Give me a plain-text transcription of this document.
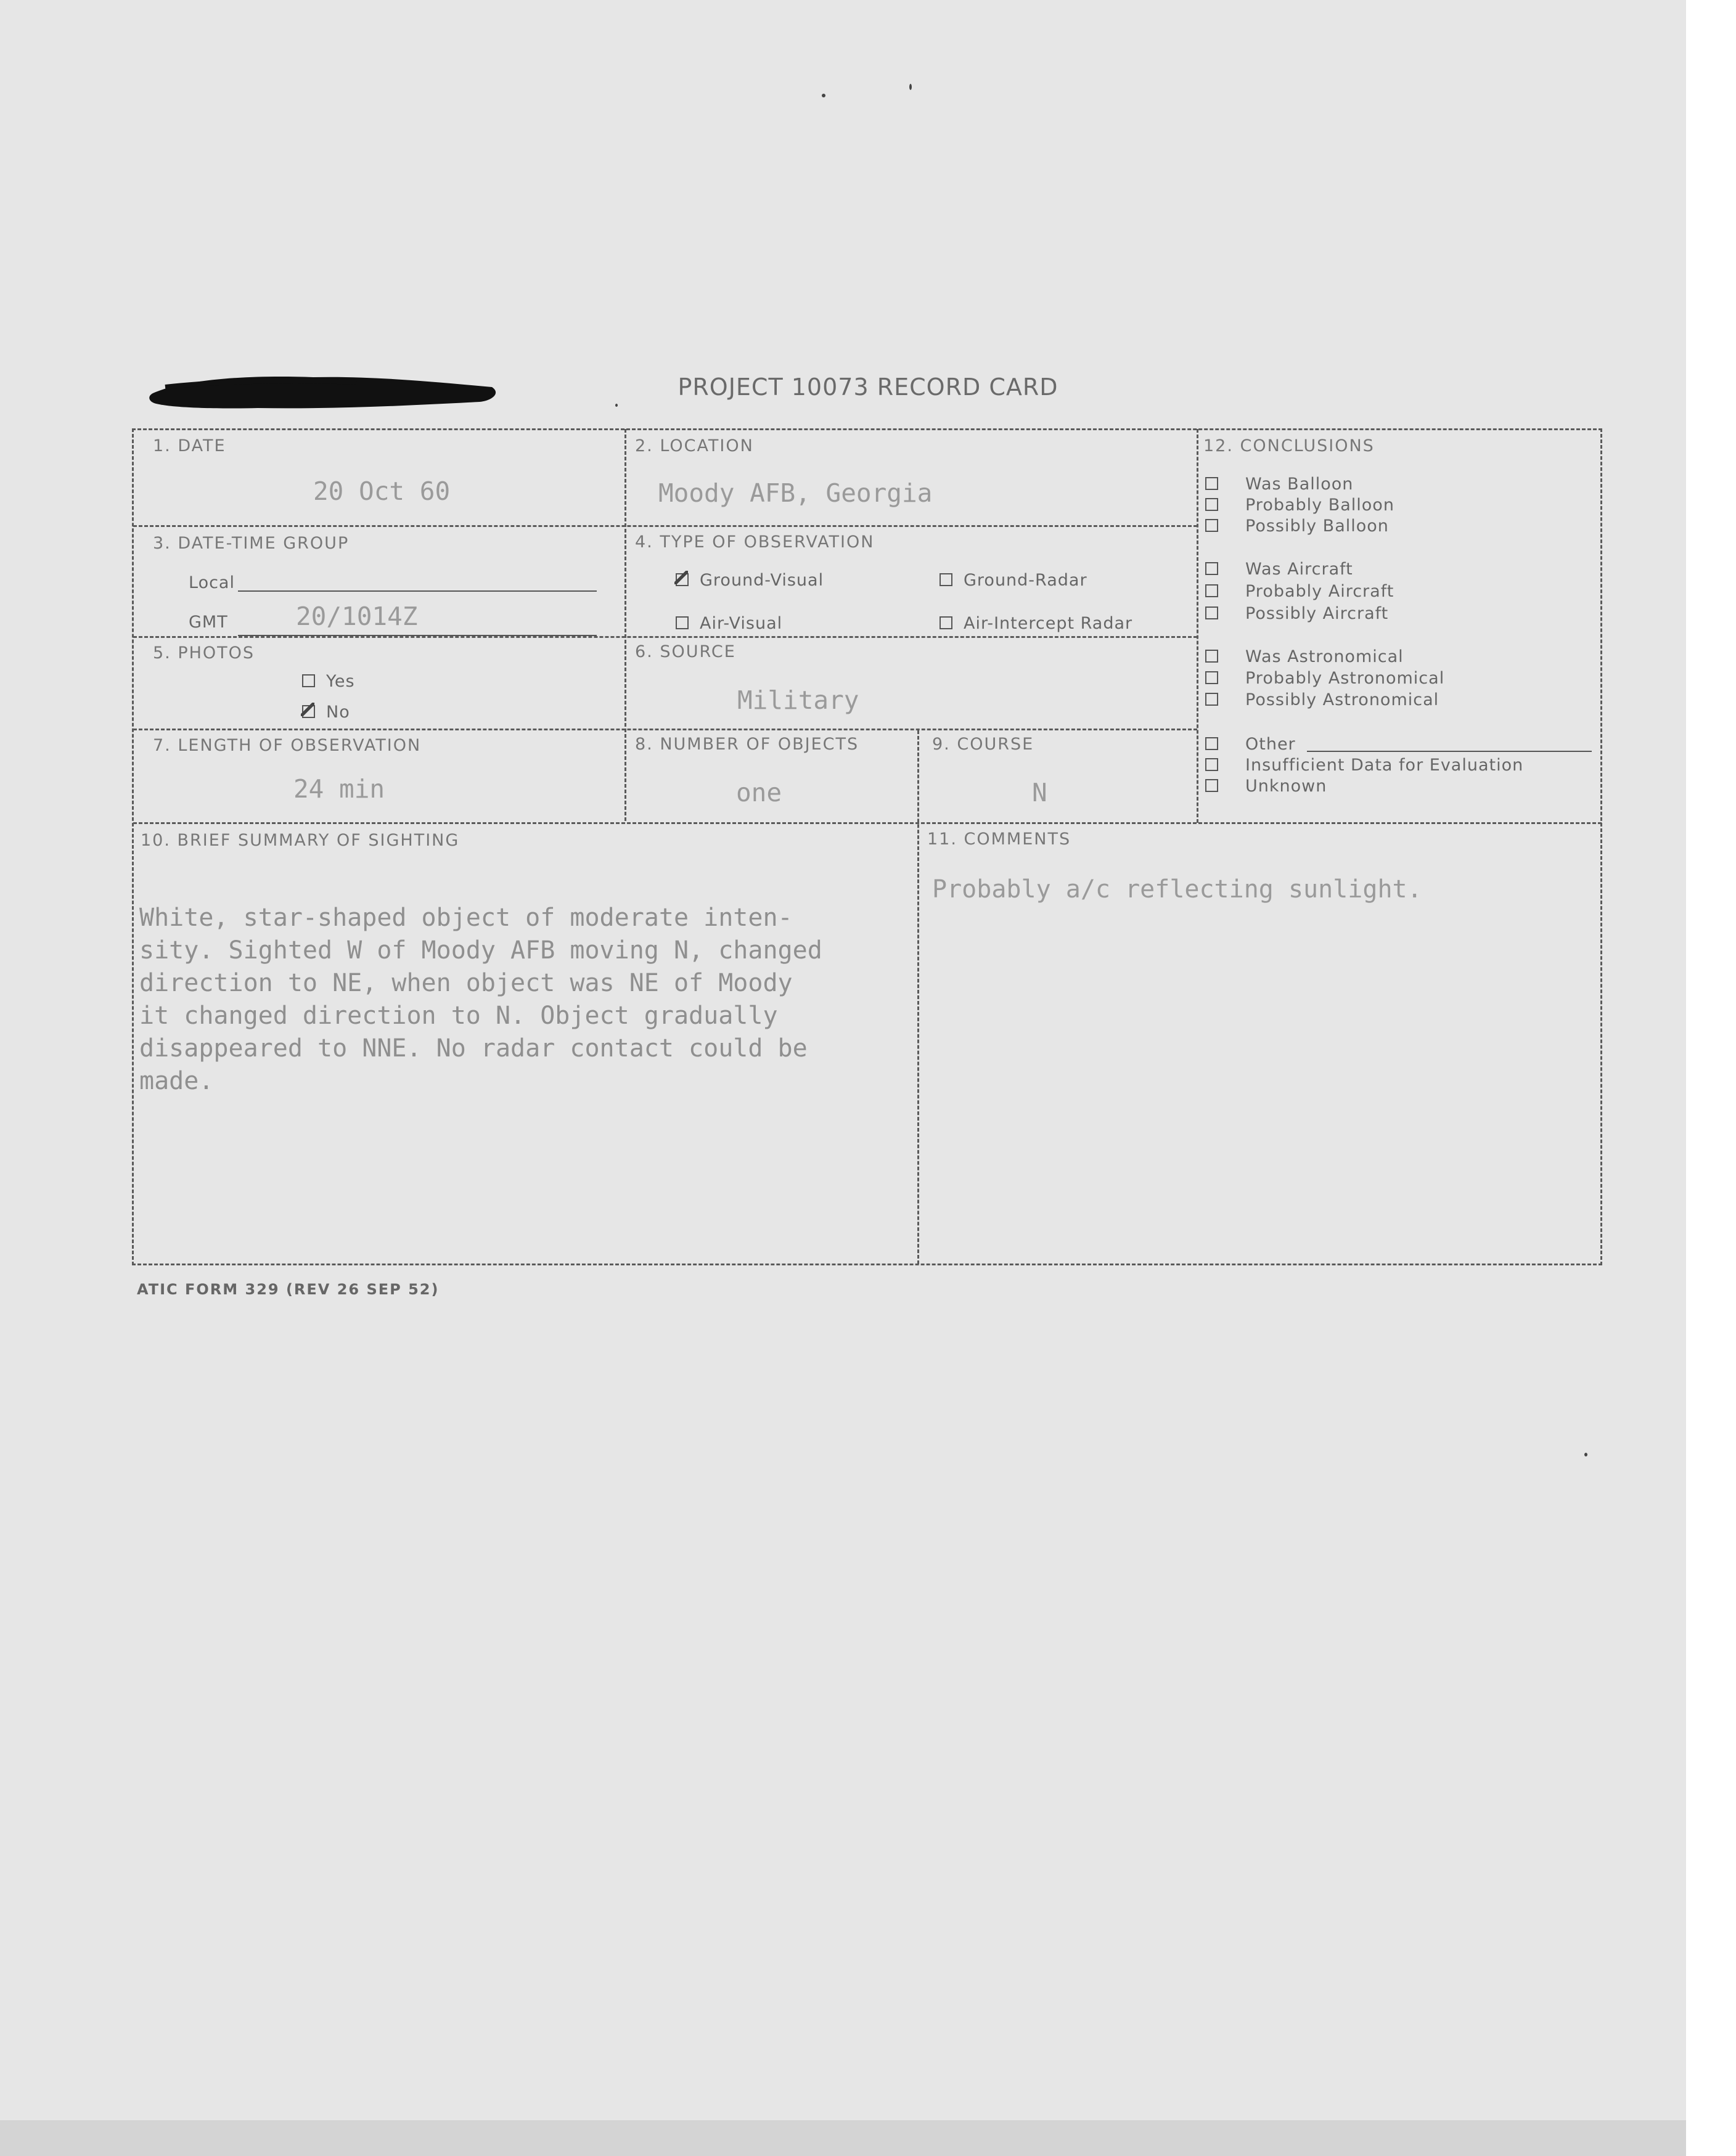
PROJECT 10073 RECORD CARD
1. DATE
20 Oct 60
2. LOCATION
Moody AFB, Georgia
3. DATE-TIME GROUP
Local
GMT	20/1014Z
4. TYPE OF OBSERVATION
Ground-Visual	Ground-Radar
Air-Visual	Air-Intercept Radar
5. PHOTOS
Yes
No
6. SOURCE
Military
7. LENGTH OF OBSERVATION
24 min
8. NUMBER OF OBJECTS
one
9. COURSE
N
10. BRIEF SUMMARY OF SIGHTING

White, star-shaped object of moderate inten-
sity. Sighted W of Moody AFB moving N, changed
direction to NE, when object was NE of Moody
it changed direction to N. Object gradually
disappeared to NNE. No radar contact could be
made.

11. COMMENTS
Probably a/c reflecting sunlight.
12. CONCLUSIONS
Was Balloon
Probably Balloon
Possibly Balloon
Was Aircraft
Probably Aircraft
Possibly Aircraft
Was Astronomical
Probably Astronomical
Possibly Astronomical
Other
Insufficient Data for Evaluation
Unknown
ATIC FORM 329 (REV 26 SEP 52)
